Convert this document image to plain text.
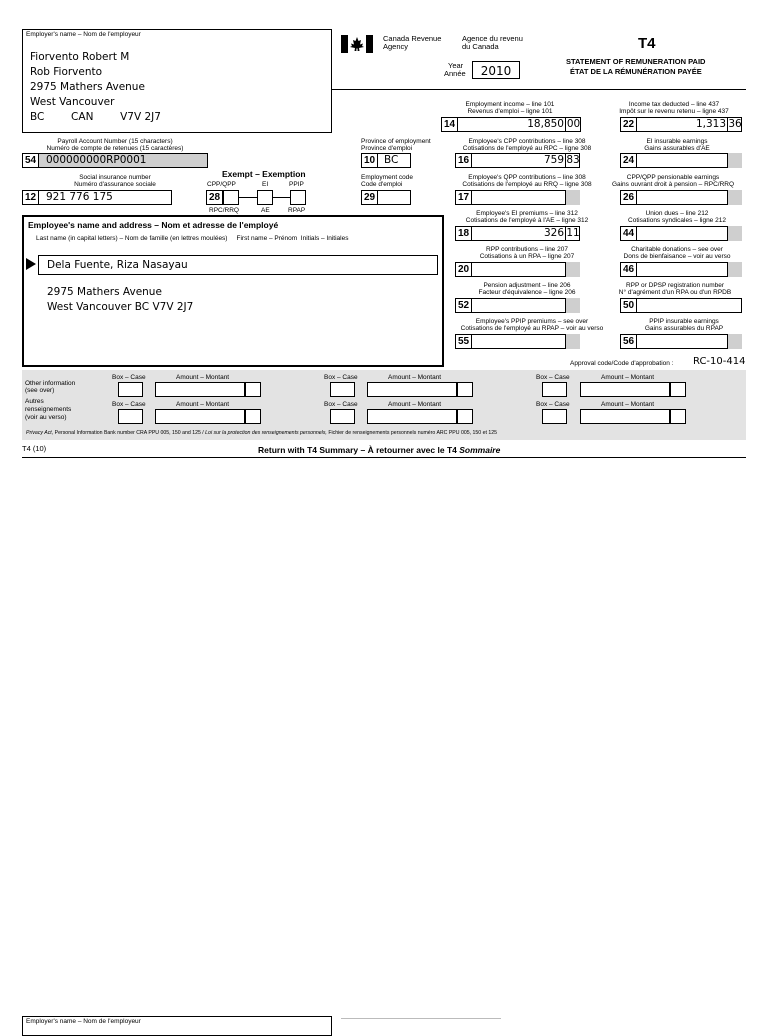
Employer's name – Nom de l'employeur
Fiorvento Robert M
Rob Fiorvento
2975 Mathers Avenue
West Vancouver
BC        CAN        V7V 2J7
Canada Revenue
Agency
Agence du revenu
du Canada	T4
STATEMENT OF REMUNERATION PAID
ÉTAT DE LA RÉMUNÉRATION PAYÉE
Year
Année	2010
Employment income – line 101
Revenus d'emploi – ligne 101
14	18,850 00
Income tax deducted – line 437
Impôt sur le revenu retenu – ligne 437
22	1,313 36
Payroll Account Number (15 characters)
Numéro de compte de retenues (15 caractères)
54 000000000RP0001
Province of employment
Province d'emploi
10 BC
Employee's CPP contributions – line 308
Cotisations de l'employé au RPC – ligne 308
16	759 83
EI insurable earnings
Gains assurables d'AE
24
Social insurance number
Numéro d'assurance sociale
12 921 776 175
Exempt – Exemption
CPP/QPP	EI	PPIP
28
RPC/RRQ	AE	RPAP
Employment code
Code d'emploi
29
Employee's QPP contributions – line 308
Cotisations de l'employé au RRQ – ligne 308
17
CPP/QPP pensionable earnings
Gains ouvrant droit à pension – RPC/RRQ
26
Employee's name and address – Nom et adresse de l'employé
Last name (in capital letters) – Nom de famille (en lettres moulées)     First name – Prénom  Initials – Initiales
Dela Fuente, Riza Nasayau
2975 Mathers Avenue
West Vancouver BC V7V 2J7
Employee's EI premiums – line 312
Cotisations de l'employé à l'AE – ligne 312
18	326 11
Union dues – line 212
Cotisations syndicales – ligne 212
44
RPP contributions – line 207
Cotisations à un RPA – ligne 207
20
Charitable donations – see over
Dons de bienfaisance – voir au verso
46
Pension adjustment – line 206
Facteur d'équivalence – ligne 206
52
RPP or DPSP registration number
N° d'agrément d'un RPA ou d'un RPDB
50
Employee's PPIP premiums – see over
Cotisations de l'employé au RPAP – voir au verso
55
PPIP insurable earnings
Gains assurables du RPAP
56
Approval code/Code d'approbation : RC-10-414
Other information
(see over)
Autres
renseignements
(voir au verso)
Box – Case	Amount – Montant	Box – Case	Amount – Montant	Box – Case	Amount – Montant
Box – Case	Amount – Montant	Box – Case	Amount – Montant	Box – Case	Amount – Montant
Privacy Act, Personal Information Bank number CRA PPU 005, 150 and 125 / Loi sur la protection des renseignements personnels, Fichier de renseignements personnels numéro ARC PPU 005, 150 et 125
T4 (10)	Return with T4 Summary – À retourner avec le T4 Sommaire
Employer's name – Nom de l'employeur
